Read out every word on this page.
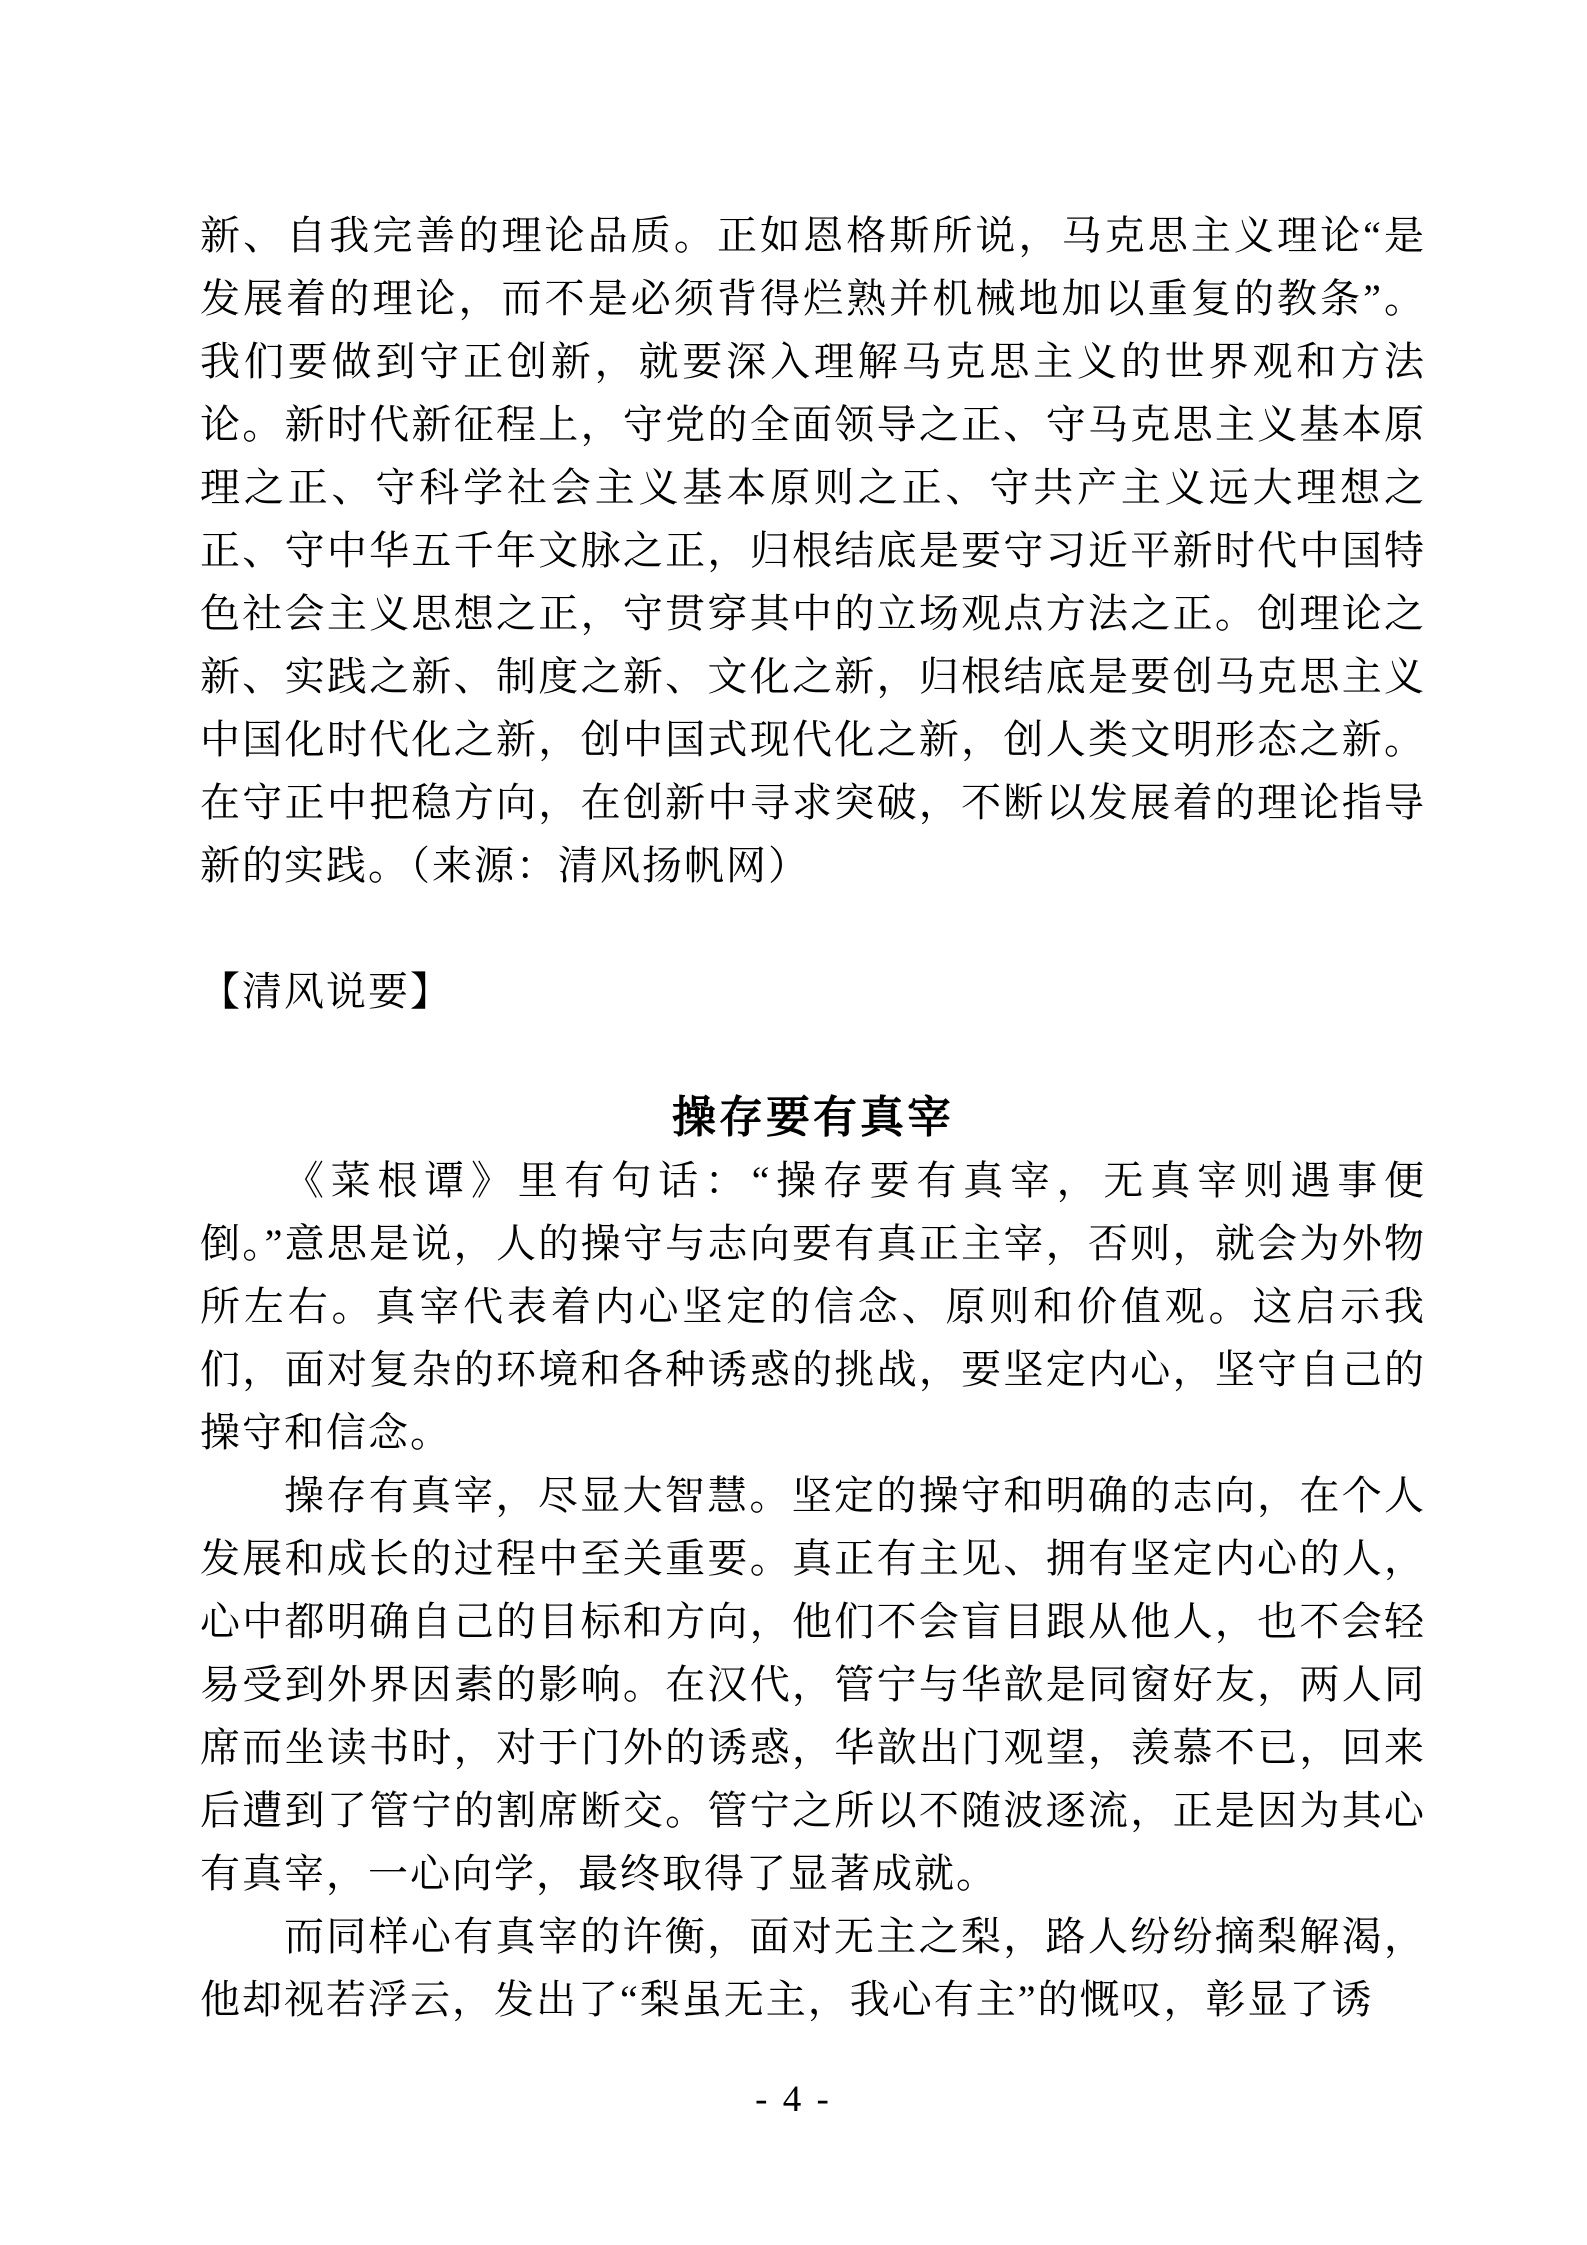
新、自我完善的理论品质。正如恩格斯所说，马克思主义理论“是发展着的理论，而不是必须背得烂熟并机械地加以重复的教条”。我们要做到守正创新，就要深入理解马克思主义的世界观和方法论。新时代新征程上，守党的全面领导之正、守马克思主义基本原理之正、守科学社会主义基本原则之正、守共产主义远大理想之正、守中华五千年文脉之正，归根结底是要守习近平新时代中国特色社会主义思想之正，守贯穿其中的立场观点方法之正。创理论之新、实践之新、制度之新、文化之新，归根结底是要创马克思主义中国化时代化之新，创中国式现代化之新，创人类文明形态之新。在守正中把稳方向，在创新中寻求突破，不断以发展着的理论指导新的实践。（来源：清风扬帆网）

【清风说要】

操存要有真宰

《菜根谭》里有句话：“操存要有真宰，无真宰则遇事便倒。”意思是说，人的操守与志向要有真正主宰，否则，就会为外物所左右。真宰代表着内心坚定的信念、原则和价值观。这启示我们，面对复杂的环境和各种诱惑的挑战，要坚定内心，坚守自己的操守和信念。

操存有真宰，尽显大智慧。坚定的操守和明确的志向，在个人发展和成长的过程中至关重要。真正有主见、拥有坚定内心的人，心中都明确自己的目标和方向，他们不会盲目跟从他人，也不会轻易受到外界因素的影响。在汉代，管宁与华歆是同窗好友，两人同席而坐读书时，对于门外的诱惑，华歆出门观望，羡慕不已，回来后遭到了管宁的割席断交。管宁之所以不随波逐流，正是因为其心有真宰，一心向学，最终取得了显著成就。

而同样心有真宰的许衡，面对无主之梨，路人纷纷摘梨解渴，他却视若浮云，发出了“梨虽无主，我心有主”的慨叹，彰显了诱

- 4 -
